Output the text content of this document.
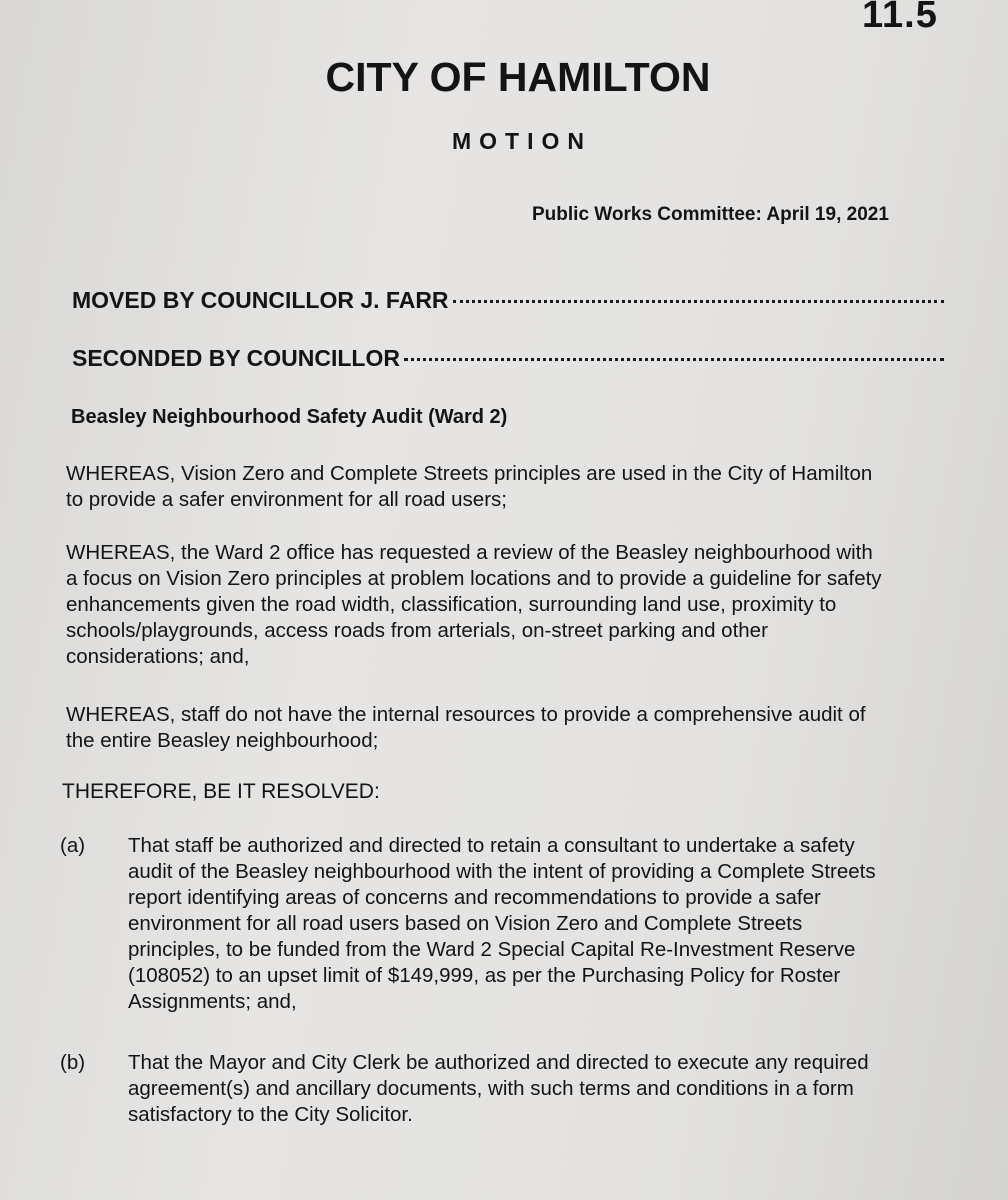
11.5
CITY OF HAMILTON
MOTION
Public Works Committee: April 19, 2021
MOVED BY COUNCILLOR J. FARR
SECONDED BY COUNCILLOR
Beasley Neighbourhood Safety Audit (Ward 2)
WHEREAS, Vision Zero and Complete Streets principles are used in the City of Hamilton
to provide a safer environment for all road users;
WHEREAS, the Ward 2 office has requested a review of the Beasley neighbourhood with
a focus on Vision Zero principles at problem locations and to provide a guideline for safety
enhancements given the road width, classification, surrounding land use, proximity to
schools/playgrounds, access roads from arterials, on-street parking and other
considerations; and,
WHEREAS, staff do not have the internal resources to provide a comprehensive audit of
the entire Beasley neighbourhood;
THEREFORE, BE IT RESOLVED:
(a)	That staff be authorized and directed to retain a consultant to undertake a safety
audit of the Beasley neighbourhood with the intent of providing a Complete Streets
report identifying areas of concerns and recommendations to provide a safer
environment for all road users based on Vision Zero and Complete Streets
principles, to be funded from the Ward 2 Special Capital Re-Investment Reserve
(108052) to an upset limit of $149,999, as per the Purchasing Policy for Roster
Assignments; and,
(b)	That the Mayor and City Clerk be authorized and directed to execute any required
agreement(s) and ancillary documents, with such terms and conditions in a form
satisfactory to the City Solicitor.
